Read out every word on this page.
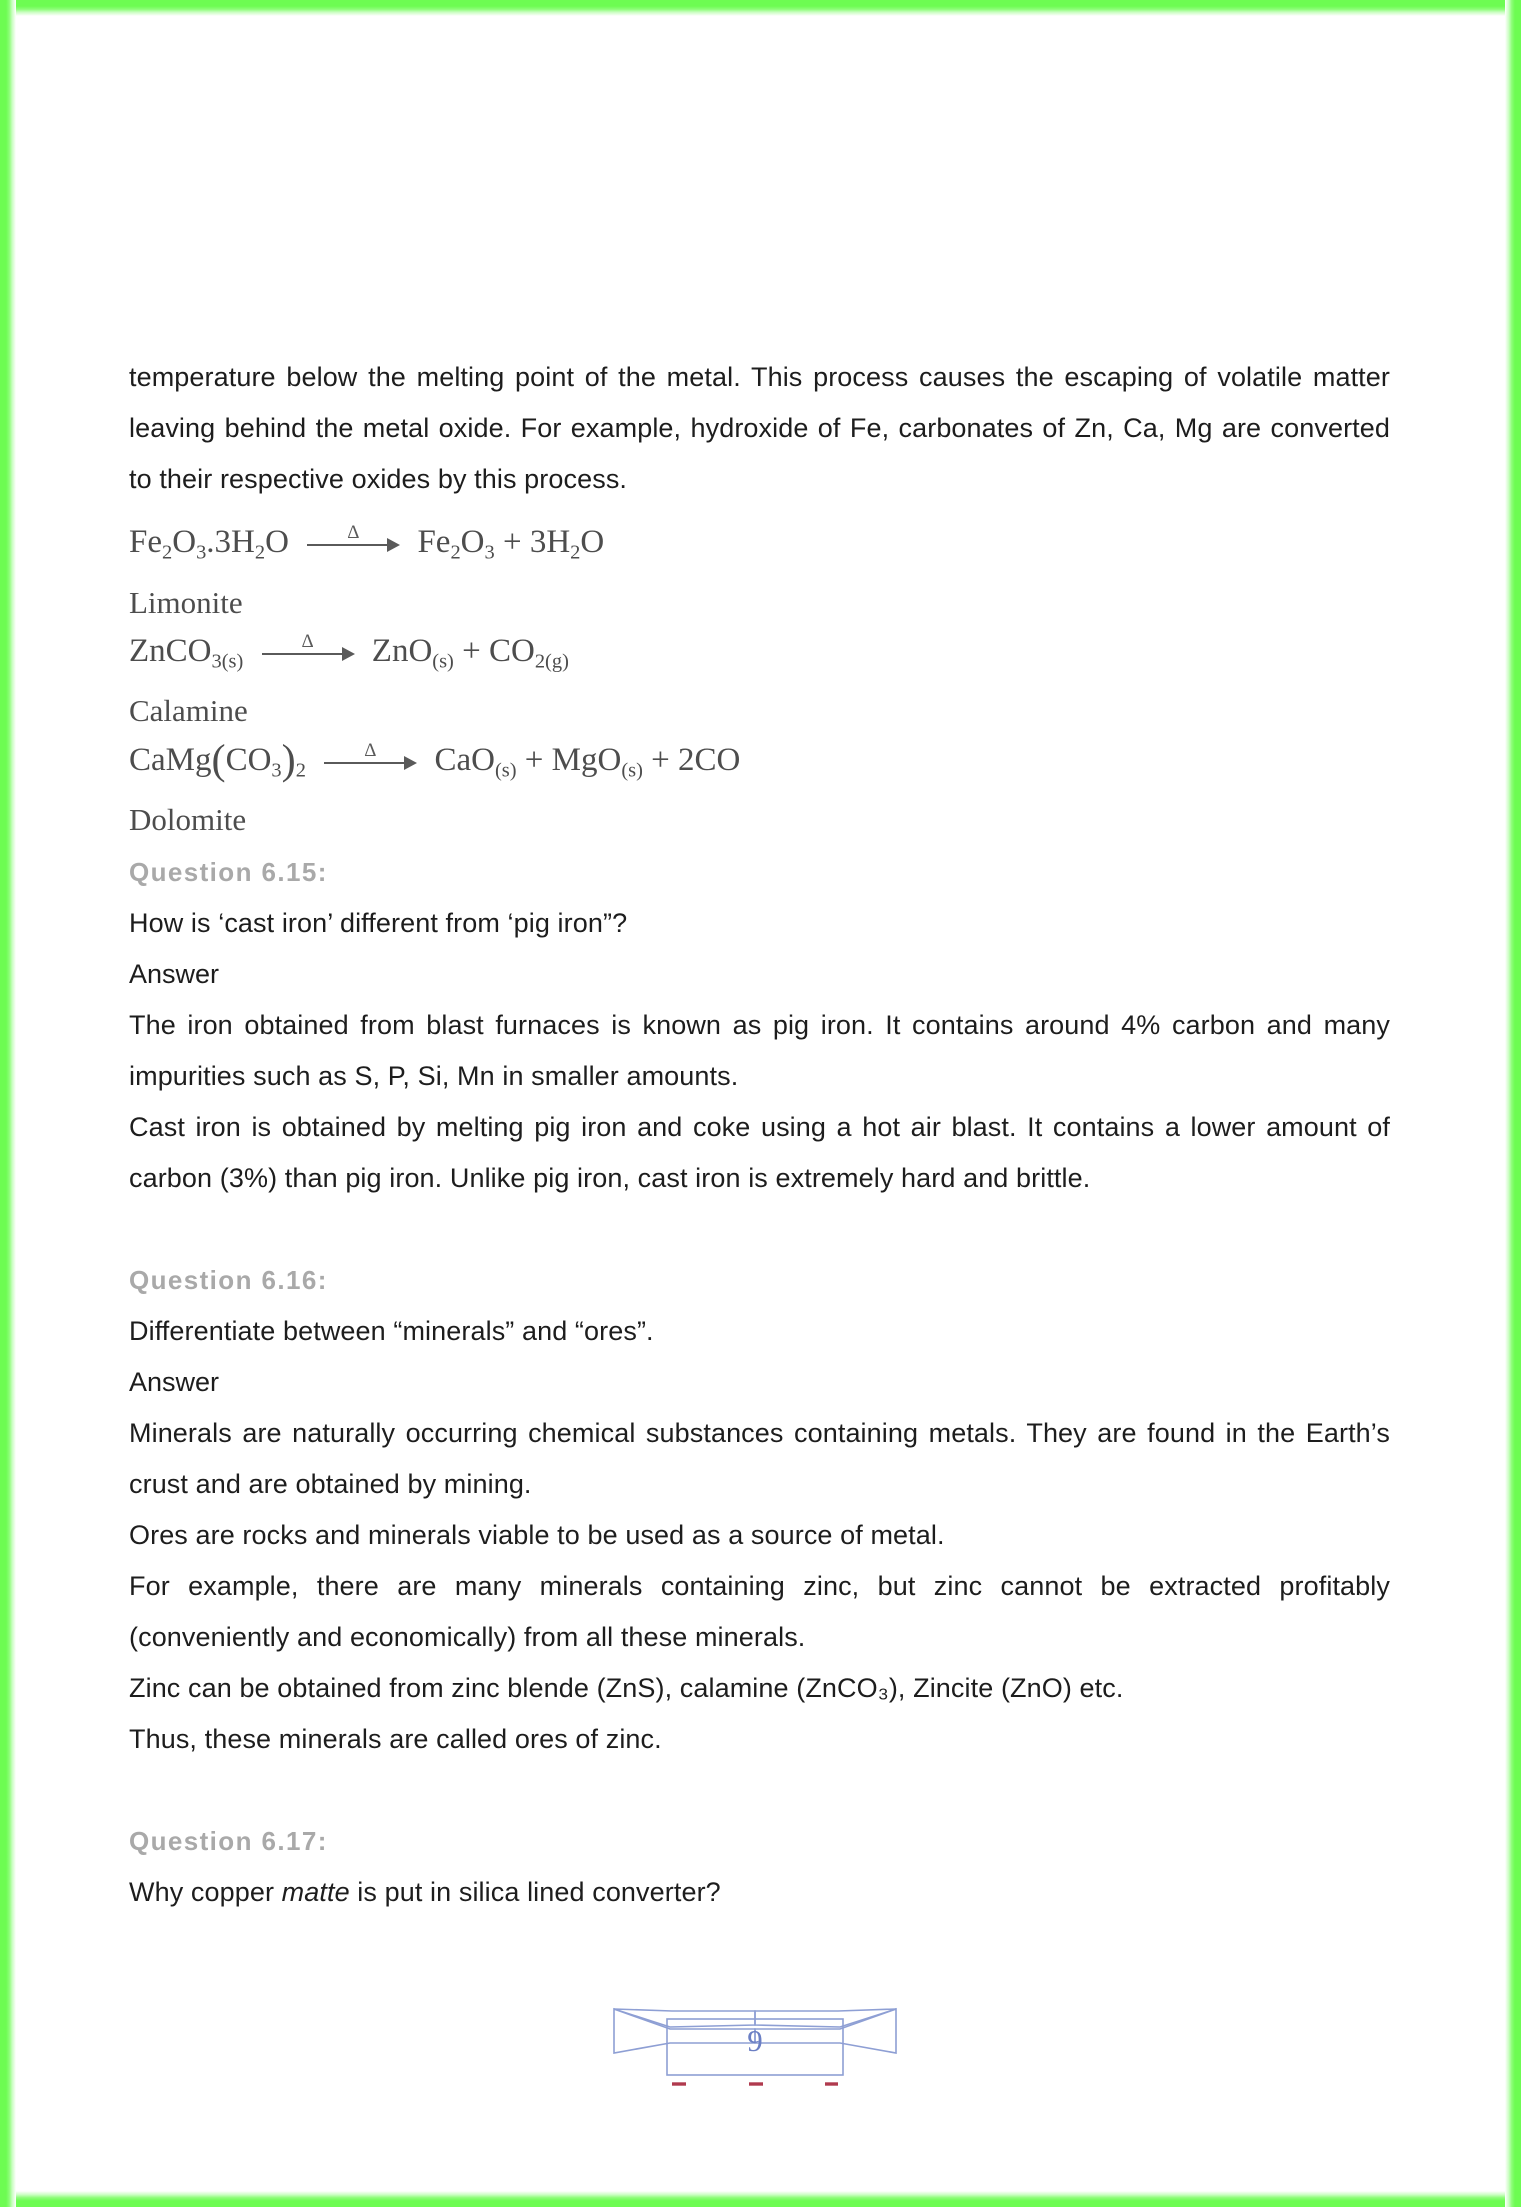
temperature below the melting point of the metal. This process causes the escaping of volatile matter leaving behind the metal oxide. For example, hydroxide of Fe, carbonates of Zn, Ca, Mg are converted to their respective oxides by this process.

$Fe_2O_3.3H_2O$	Δ $Fe_2O_3 + 3H_2O$
Limonite
ZnCO$_{3(s)}$
Δ $ZnO_{(s)} + CO_{2(g)}$
Calamine
$CaMg(CO_3)_2$
Δ CaO$_{(s)}$ + MgO$_{(s)}$ + 2CO
Dolomite
Question 6.15:

How is ‘cast iron’ different from ‘pig iron”?

Answer

The iron obtained from blast furnaces is known as pig iron. It contains around 4% carbon and many impurities such as S, P, Si, Mn in smaller amounts.

Cast iron is obtained by melting pig iron and coke using a hot air blast. It contains a lower amount of carbon (3%) than pig iron. Unlike pig iron, cast iron is extremely hard and brittle.

Question 6.16:

Differentiate between “minerals” and “ores”.

Answer

Minerals are naturally occurring chemical substances containing metals. They are found in the Earth’s crust and are obtained by mining.

Ores are rocks and minerals viable to be used as a source of metal.

For example, there are many minerals containing zinc, but zinc cannot be extracted profitably (conveniently and economically) from all these minerals.

Zinc can be obtained from zinc blende (ZnS), calamine (ZnCO₃), Zincite (ZnO) etc.

Thus, these minerals are called ores of zinc.

Question 6.17:

Why copper matte is put in silica lined converter?

9
